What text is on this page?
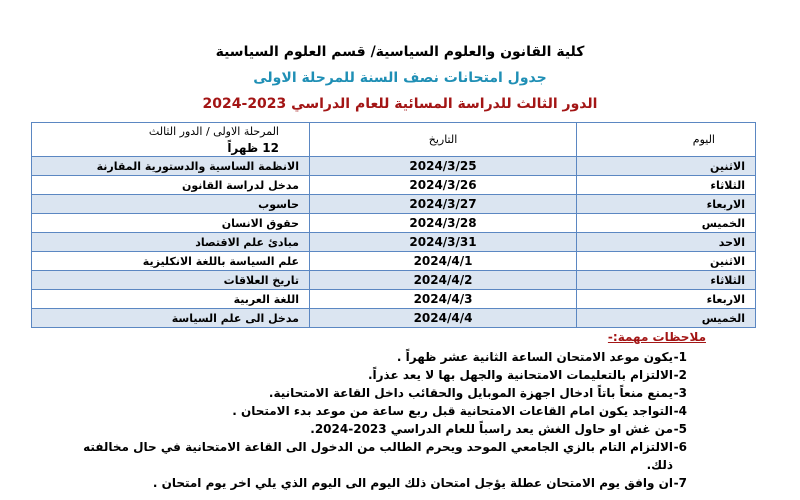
كلية القانون والعلوم السياسية/ قسم العلوم السياسية
جدول امتحانات نصف السنة للمرحلة الاولى
الدور الثالث للدراسة المسائية للعام الدراسي 2023-2024
اليوم	التاريخ	المرحلة الاولى / الدور الثالث
12 ظهراً

الاثنين	2024/3/25	الانظمة الساسية والدستورية المقارنة
الثلاثاء	2024/3/26	مدخل لدراسة القانون
الاربعاء	2024/3/27	حاسوب
الخميس	2024/3/28	حقوق الانسان
الاحد	2024/3/31	مبادئ علم الاقتصاد
الاثنين	2024/4/1	علم السياسة باللغة الانكليزية
الثلاثاء	2024/4/2	تاريخ العلاقات
الاربعاء	2024/4/3	اللغة العربية
الخميس	2024/4/4	مدخل الى علم السياسة
ملاحظات مهمة:-
1-
يكون موعد الامتحان الساعة الثانية عشر ظهراً .
2-
الالتزام بالتعليمات الامتحانية والجهل بها لا يعد عذراً.
3-
يمنع منعاً باتاً ادخال اجهزة الموبايل والحقائب داخل القاعة الامتحانية.
4-
التواجد يكون امام القاعات الامتحانية قبل ربع ساعة من موعد بدء الامتحان .
5-
من غش او حاول الغش يعد راسباً للعام الدراسي 2023-2024.
6-
الالتزام التام بالزي الجامعي الموحد ويحرم الطالب من الدخول الى القاعة الامتحانية في حال مخالفته ذلك.
7-
ان وافق يوم الامتحان عطلة يؤجل امتحان ذلك اليوم الى اليوم الذي يلي اخر يوم امتحان .
